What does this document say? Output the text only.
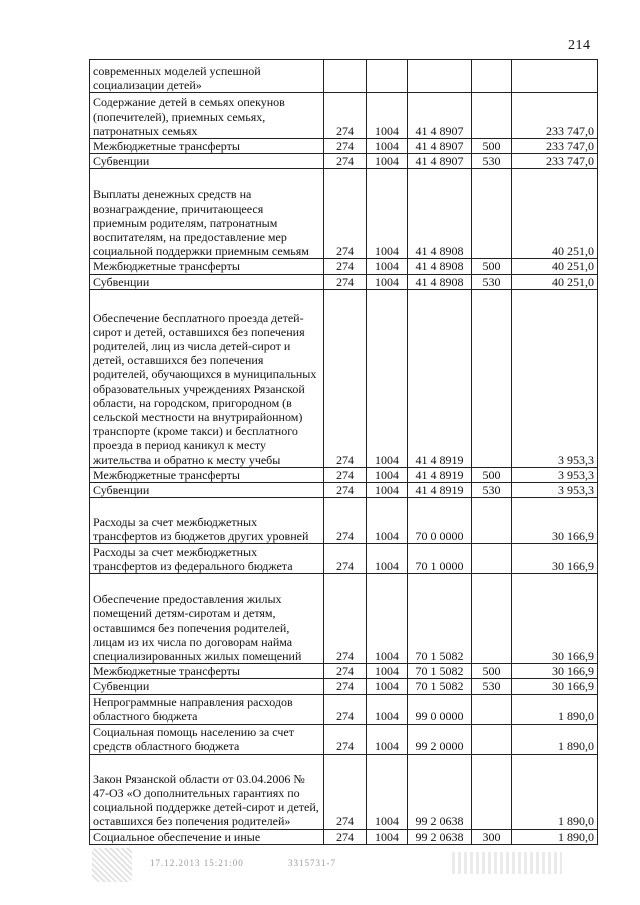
214
современных моделей успешной социализации детей»					
Содержание детей в семьях опекунов (попечителей), приемных семьях, патронатных семьях	274	1004	41 4 8907		233 747,0
Межбюджетные трансферты	274	1004	41 4 8907	500	233 747,0
Субвенции	274	1004	41 4 8907	530	233 747,0
Выплаты денежных средств на вознаграждение, причитающееся приемным родителям, патронатным воспитателям, на предоставление мер социальной поддержки приемным семьям	274	1004	41 4 8908		40 251,0
Межбюджетные трансферты	274	1004	41 4 8908	500	40 251,0
Субвенции	274	1004	41 4 8908	530	40 251,0
Обеспечение бесплатного проезда детей-сирот и детей, оставшихся без попечения родителей, лиц из числа детей-сирот и детей, оставшихся без попечения родителей, обучающихся в муниципальных образовательных учреждениях Рязанской области, на городском, пригородном (в сельской местности на внутрирайонном) транспорте (кроме такси) и бесплатного проезда в период каникул к месту жительства и обратно к месту учебы	274	1004	41 4 8919		3 953,3
Межбюджетные трансферты	274	1004	41 4 8919	500	3 953,3
Субвенции	274	1004	41 4 8919	530	3 953,3
Расходы за счет межбюджетных трансфертов из бюджетов других уровней	274	1004	70 0 0000		30 166,9
Расходы за счет межбюджетных трансфертов из федерального бюджета	274	1004	70 1 0000		30 166,9
Обеспечение предоставления жилых помещений детям-сиротам и детям, оставшимся без попечения родителей, лицам из их числа по договорам найма специализированных жилых помещений	274	1004	70 1 5082		30 166,9
Межбюджетные трансферты	274	1004	70 1 5082	500	30 166,9
Субвенции	274	1004	70 1 5082	530	30 166,9
Непрограммные направления расходов областного бюджета	274	1004	99 0 0000		1 890,0
Социальная помощь населению за счет средств областного бюджета	274	1004	99 2 0000		1 890,0
Закон Рязанской области от 03.04.2006 № 47-ОЗ «О дополнительных гарантиях по социальной поддержке детей-сирот и детей, оставшихся без попечения родителей»	274	1004	99 2 0638		1 890,0
Социальное обеспечение и иные	274	1004	99 2 0638	300	1 890,0
17.12.2013 15:21:00	3315731-7
